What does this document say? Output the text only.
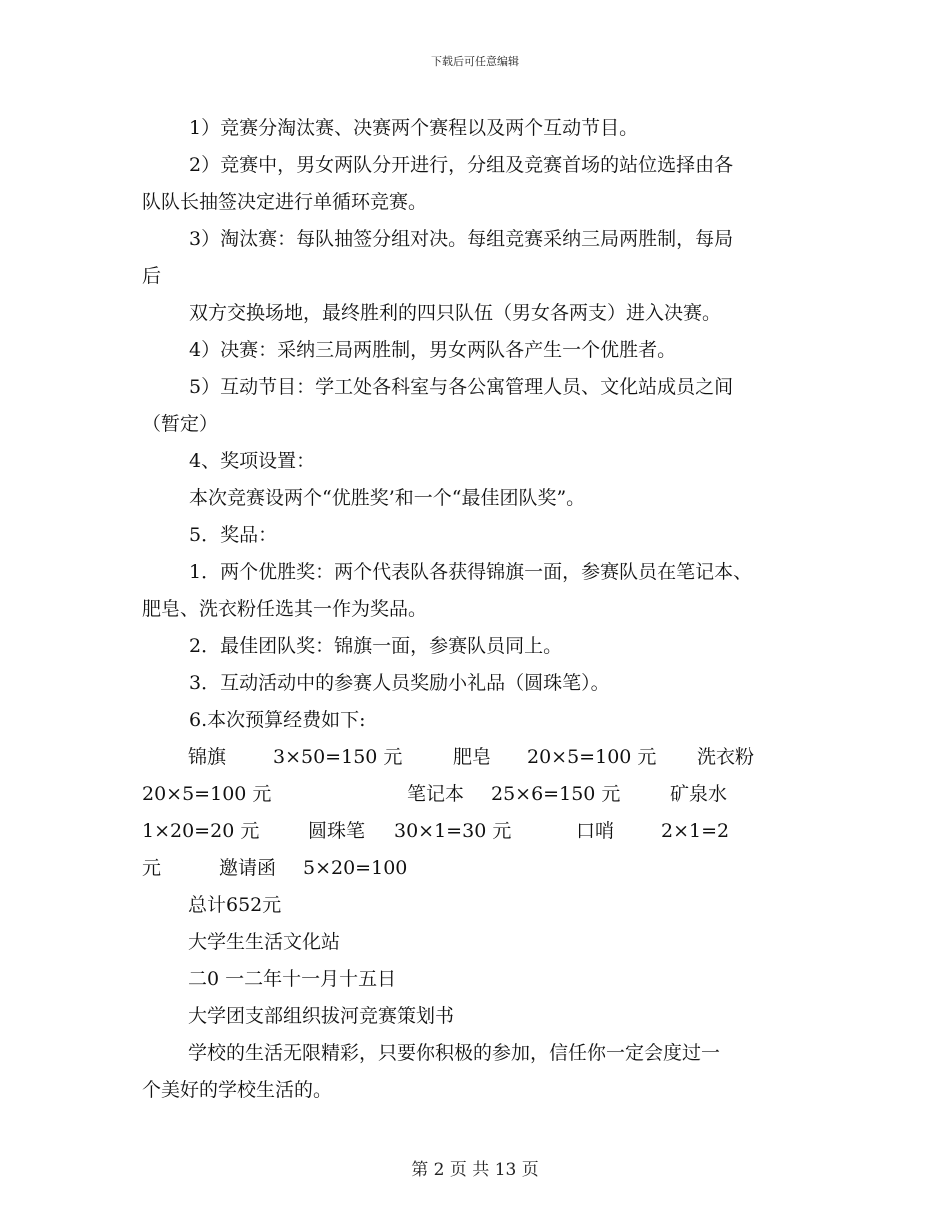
下载后可任意编辑
1）竞赛分淘汰赛、决赛两个赛程以及两个互动节目。
2）竞赛中，男女两队分开进行，分组及竞赛首场的站位选择由各
队队长抽签决定进行单循环竞赛。
3）淘汰赛：每队抽签分组对决。每组竞赛采纳三局两胜制，每局
后
双方交换场地，最终胜利的四只队伍（男女各两支）进入决赛。
4）决赛：采纳三局两胜制，男女两队各产生一个优胜者。
5）互动节目：学工处各科室与各公寓管理人员、文化站成员之间
（暂定）
4、奖项设置：
本次竞赛设两个“优胜奖’和一个“最佳团队奖”。
5．奖品：
1．两个优胜奖：两个代表队各获得锦旗一面，参赛队员在笔记本、
肥皂、洗衣粉任选其一作为奖品。
2．最佳团队奖：锦旗一面，参赛队员同上。
3．互动活动中的参赛人员奖励小礼品（圆珠笔）。
6.本次预算经费如下:
锦旗 3×50=150 元	肥皂 20×5=100 元 洗衣粉
20×5=100 元	笔记本 25×6=150 元	矿泉水
1×20=20 元	圆珠笔 30×1=30 元	口哨 2×1=2
元	邀请函 5×20=100
总计652元
大学生生活文化站
二0 一二年十一月十五日
大学团支部组织拔河竞赛策划书
学校的生活无限精彩，只要你积极的参加，信任你一定会度过一
个美好的学校生活的。
第 2 页 共 13 页
